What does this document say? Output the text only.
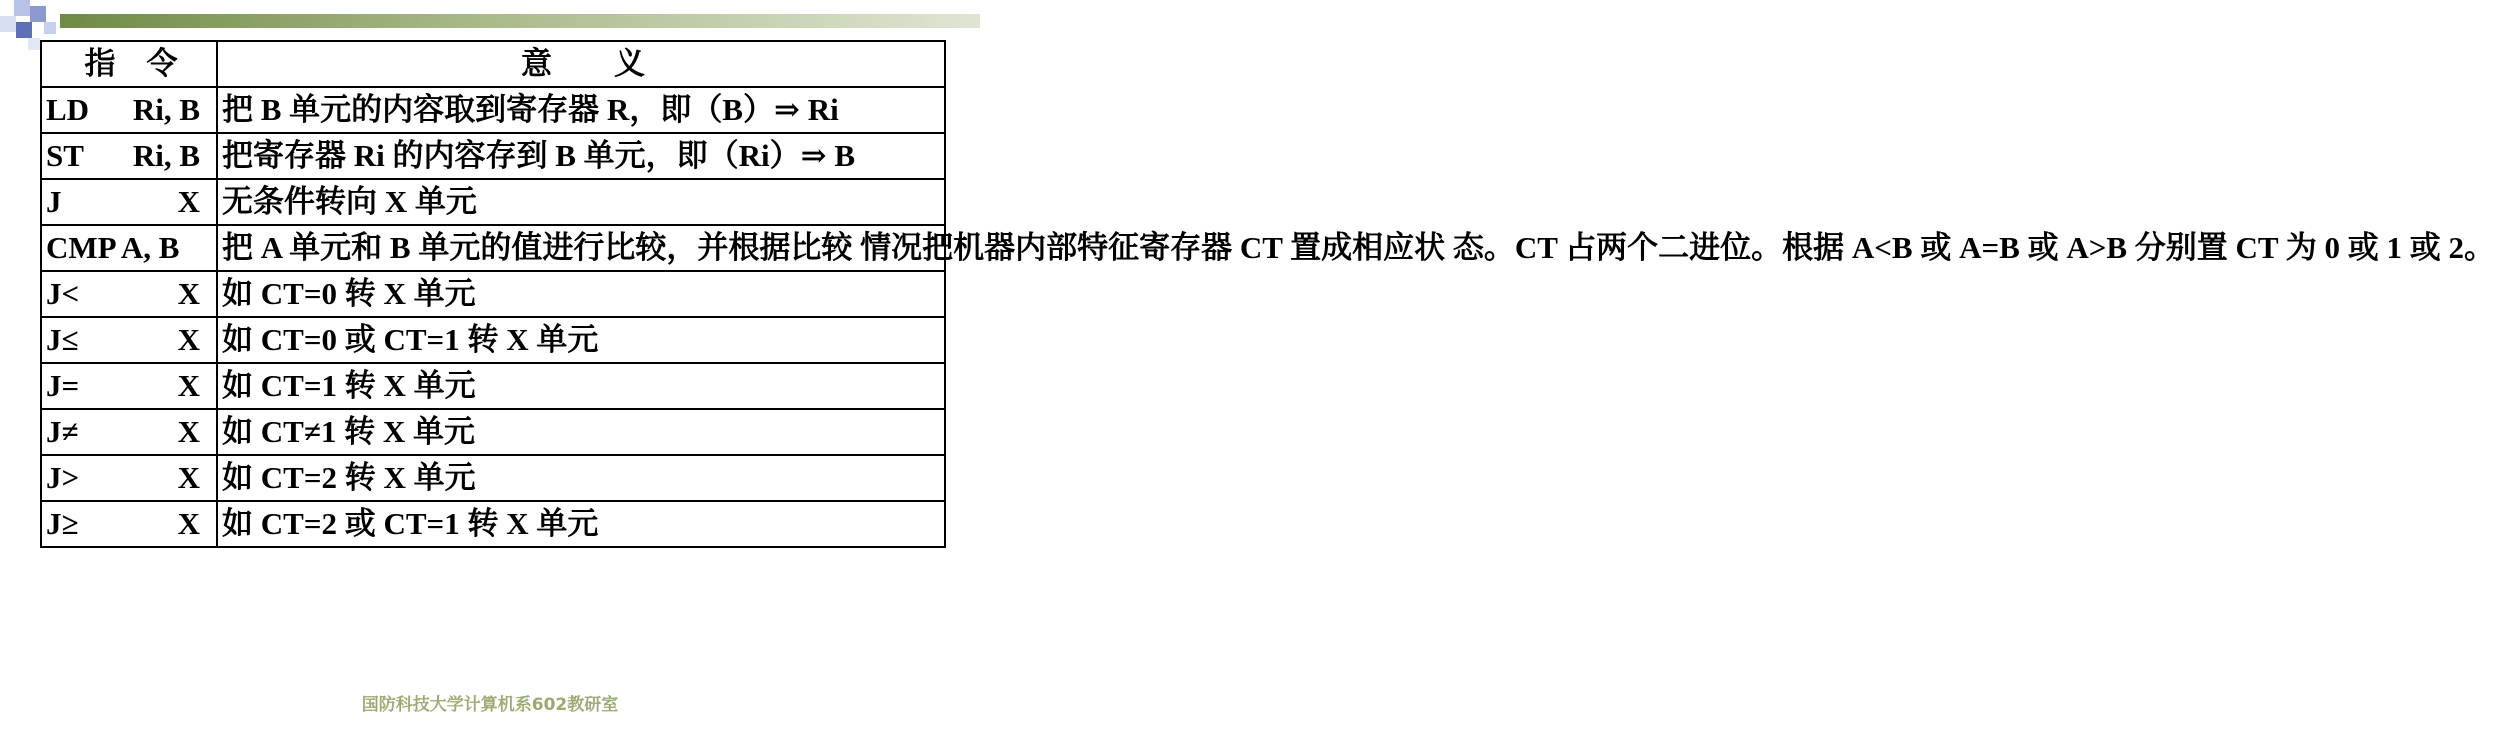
指　令	意　　义

LD Ri, B	把 B 单元的内容取到寄存器 R，即（B）⇒ Ri

ST Ri, B	把寄存器 Ri 的内容存到 B 单元，即（Ri）⇒ B

J X	无条件转向 X 单元

CMP A, B	把 A 单元和 B 单元的值进行比较，并根据比较 情况把机器内部特征寄存器 CT 置成相应状 态。CT 占两个二进位。根据 A<B 或 A=B 或 A>B 分别置 CT 为 0 或 1 或 2。

J< X	如 CT=0 转 X 单元

J≤ X	如 CT=0 或 CT=1 转 X 单元

J= X	如 CT=1 转 X 单元

J≠ X	如 CT≠1 转 X 单元

J> X	如 CT=2 转 X 单元

J≥ X	如 CT=2 或 CT=1 转 X 单元
国防科技大学计算机系602教研室
